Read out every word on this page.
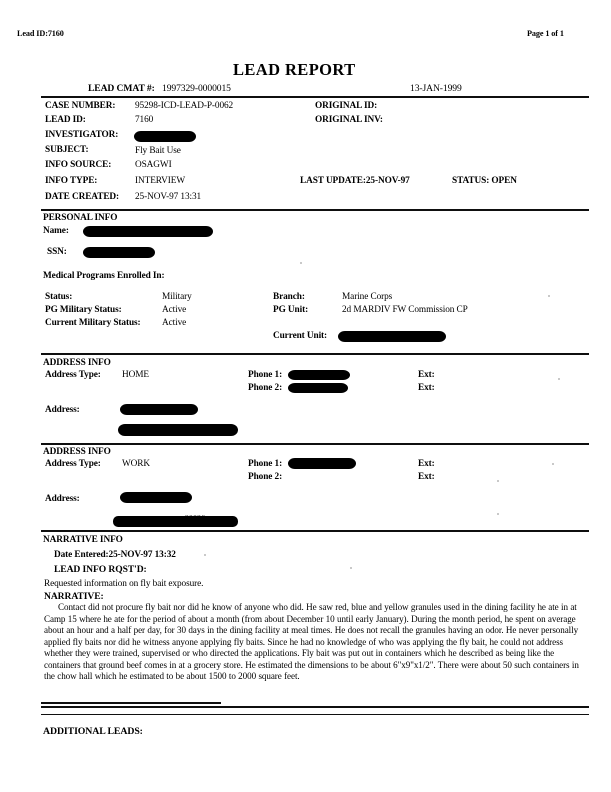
Lead ID:7160	Page 1 of 1
LEAD REPORT
LEAD CMAT #: 1997329-0000015	13-JAN-1999
CASE NUMBER: 95298-ICD-LEAD-P-0062	ORIGINAL ID:
LEAD ID:	7160	ORIGINAL INV:
INVESTIGATOR:
SUBJECT:	Fly Bait Use
INFO SOURCE:	OSAGWI
INFO TYPE:	INTERVIEW	LAST UPDATE:25-NOV-97	STATUS: OPEN
DATE CREATED: 25-NOV-97 13:31
PERSONAL INFO
Name:
SSN:
Medical Programs Enrolled In:
Status:	Military	Branch:	Marine Corps
PG Military Status:	Active	PG Unit:	2d MARDIV FW Commission CP
Current Military Status: Active
Current Unit:
ADDRESS INFO
Address Type: HOME	Phone 1:	Ext:
Phone 2:	Ext:
Address:
ADDRESS INFO
Address Type: WORK	Phone 1:	Ext:
Phone 2:	Ext:
Address:
NARRATIVE INFO
Date Entered:25-NOV-97 13:32
LEAD INFO RQST'D:
Requested information on fly bait exposure.
NARRATIVE:
Contact did not procure fly bait nor did he know of anyone who did. He saw red, blue and yellow granules used in the dining facility he ate in at Camp 15 where he ate for the period of about a month (from about December 10 until early January). During the month period, he spent on average about an hour and a half per day, for 30 days in the dining facility at meal times. He does not recall the granules having an odor. He never personally applied fly baits nor did he witness anyone applying fly baits. Since he had no knowledge of who was applying the fly bait, he could not address whether they were trained, supervised or who directed the applications. Fly bait was put out in containers which he described as being like the containers that ground beef comes in at a grocery store. He estimated the dimensions to be about 6"x9"x1/2". There were about 50 such containers in the chow hall which he estimated to be about 1500 to 2000 square feet.
ADDITIONAL LEADS:
